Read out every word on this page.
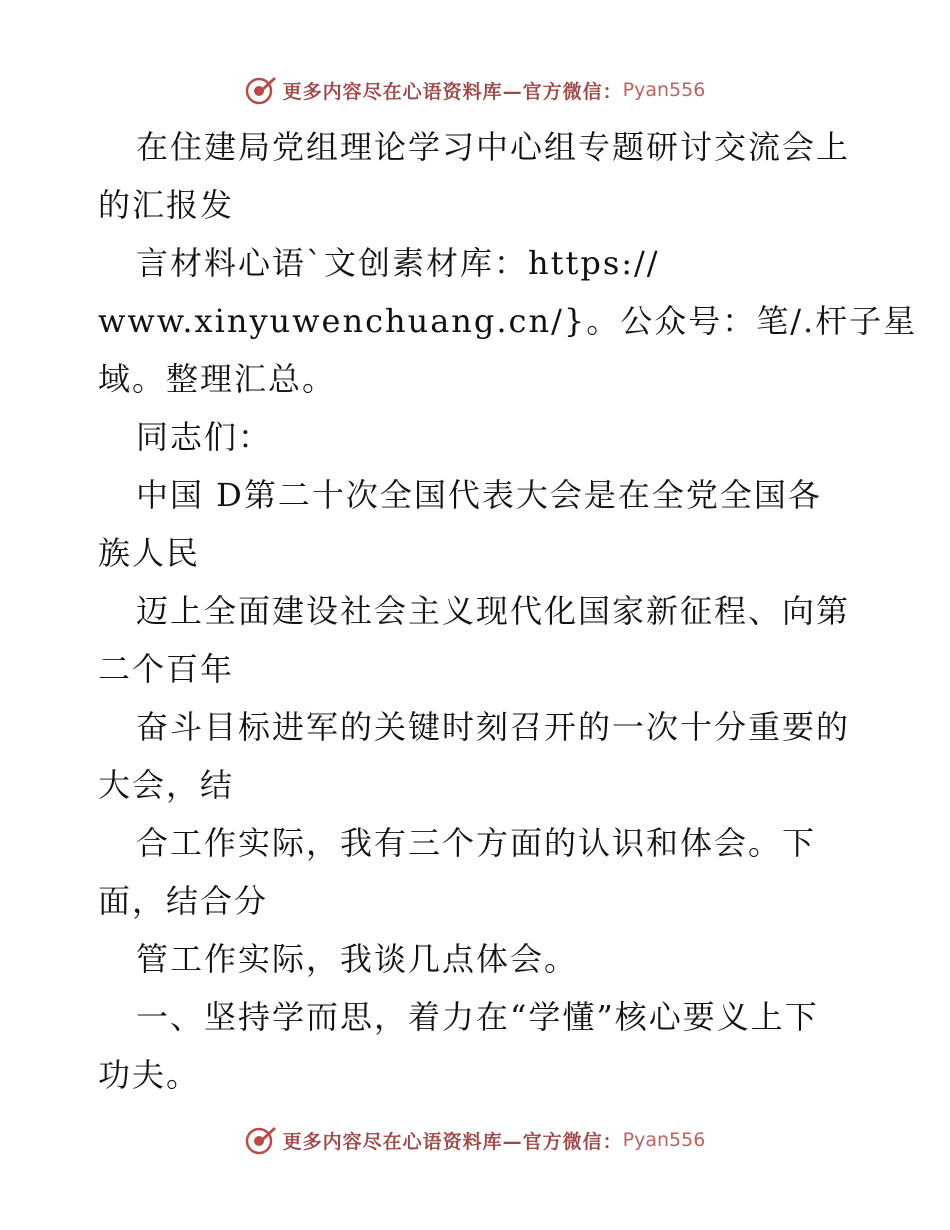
更多内容尽在心语资料库—官方微信： Pyan556
在住建局党组理论学习中心组专题研讨交流会上
的汇报发
言材料心语`文创素材库：https://
www.xinyuwenchuang.cn/}。公众号：笔/.杆子星
域。整理汇总。
同志们：
中国 D第二十次全国代表大会是在全党全国各
族人民
迈上全面建设社会主义现代化国家新征程、向第
二个百年
奋斗目标进军的关键时刻召开的一次十分重要的
大会，结
合工作实际，我有三个方面的认识和体会。下
面，结合分
管工作实际，我谈几点体会。
一、坚持学而思，着力在“学懂”核心要义上下
功夫。
更多内容尽在心语资料库—官方微信： Pyan556
